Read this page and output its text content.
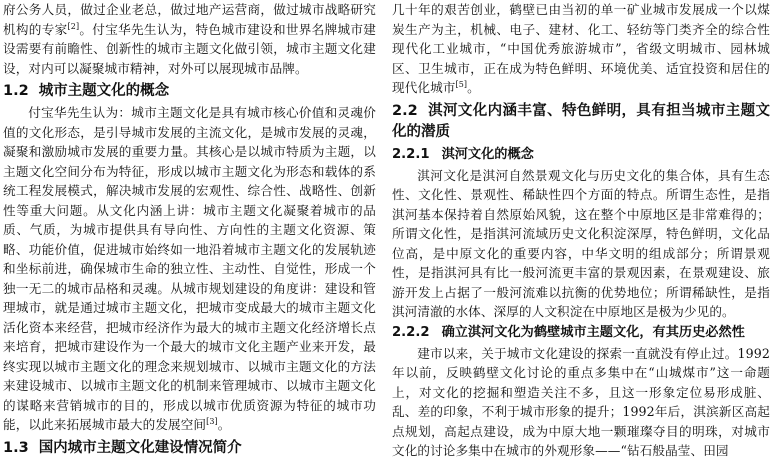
府公务人员，做过企业老总，做过地产运营商，做过城市战略研究机构的专家[2]。付宝华先生认为，特色城市建设和世界名牌城市建设需要有前瞻性、创新性的城市主题文化做引领，城市主题文化建设，对内可以凝聚城市精神，对外可以展现城市品牌。

1.2 城市主题文化的概念

付宝华先生认为：城市主题文化是具有城市核心价值和灵魂价值的文化形态，是引导城市发展的主流文化，是城市发展的灵魂，凝聚和激励城市发展的重要力量。其核心是以城市特质为主题，以主题文化空间分布为特征，形成以城市主题文化为形态和载体的系统工程发展模式，解决城市发展的宏观性、综合性、战略性、创新性等重大问题。从文化内涵上讲：城市主题文化凝聚着城市的品质、气质，为城市提供具有导向性、方向性的主题文化资源、策略、功能价值，促进城市始终如一地沿着城市主题文化的发展轨迹和坐标前进，确保城市生命的独立性、主动性、自觉性，形成一个独一无二的城市品格和灵魂。从城市规划建设的角度讲：建设和管理城市，就是通过城市主题文化，把城市变成最大的城市主题文化活化资本来经营，把城市经济作为最大的城市主题文化经济增长点来培育，把城市建设作为一个最大的城市文化主题产业来开发，最终实现以城市主题文化的理念来规划城市、以城市主题文化的方法来建设城市、以城市主题文化的机制来管理城市、以城市主题文化的谋略来营销城市的目的，形成以城市优质资源为特征的城市功能，以此来拓展城市最大的发展空间[3]。

1.3 国内城市主题文化建设情况简介

几十年的艰苦创业，鹤壁已由当初的单一矿业城市发展成一个以煤炭生产为主，机械、电子、建材、化工、轻纺等门类齐全的综合性现代化工业城市，“中国优秀旅游城市”，省级文明城市、园林城区、卫生城市，正在成为特色鲜明、环境优美、适宜投资和居住的现代化城市[5]。

2.2 淇河文化内涵丰富、特色鲜明，具有担当城市主题文化的潜质
2.2.1 淇河文化的概念

淇河文化是淇河自然景观文化与历史文化的集合体，具有生态性、文化性、景观性、稀缺性四个方面的特点。所谓生态性，是指淇河基本保持着自然原始风貌，这在整个中原地区是非常难得的；所谓文化性，是指淇河流域历史文化积淀深厚，特色鲜明，文化品位高，是中原文化的重要内容，中华文明的组成部分；所谓景观性，是指淇河具有比一般河流更丰富的景观因素，在景观建设、旅游开发上占据了一般河流难以抗衡的优势地位；所谓稀缺性，是指淇河清澈的水体、深厚的人文积淀在中原地区是极为少见的。

2.2.2 确立淇河文化为鹤壁城市主题文化，有其历史必然性

建市以来，关于城市文化建设的探索一直就没有停止过。1992年以前，反映鹤壁文化讨论的重点多集中在“山城煤市”这一命题上，对文化的挖掘和塑造关注不多，且这一形象定位易形成脏、乱、差的印象，不利于城市形象的提升；1992年后，淇滨新区高起点规划，高起点建设，成为中原大地一颗璀璨夺目的明珠，对城市文化的讨论多集中在城市的外观形象——“钻石般晶莹、田园
